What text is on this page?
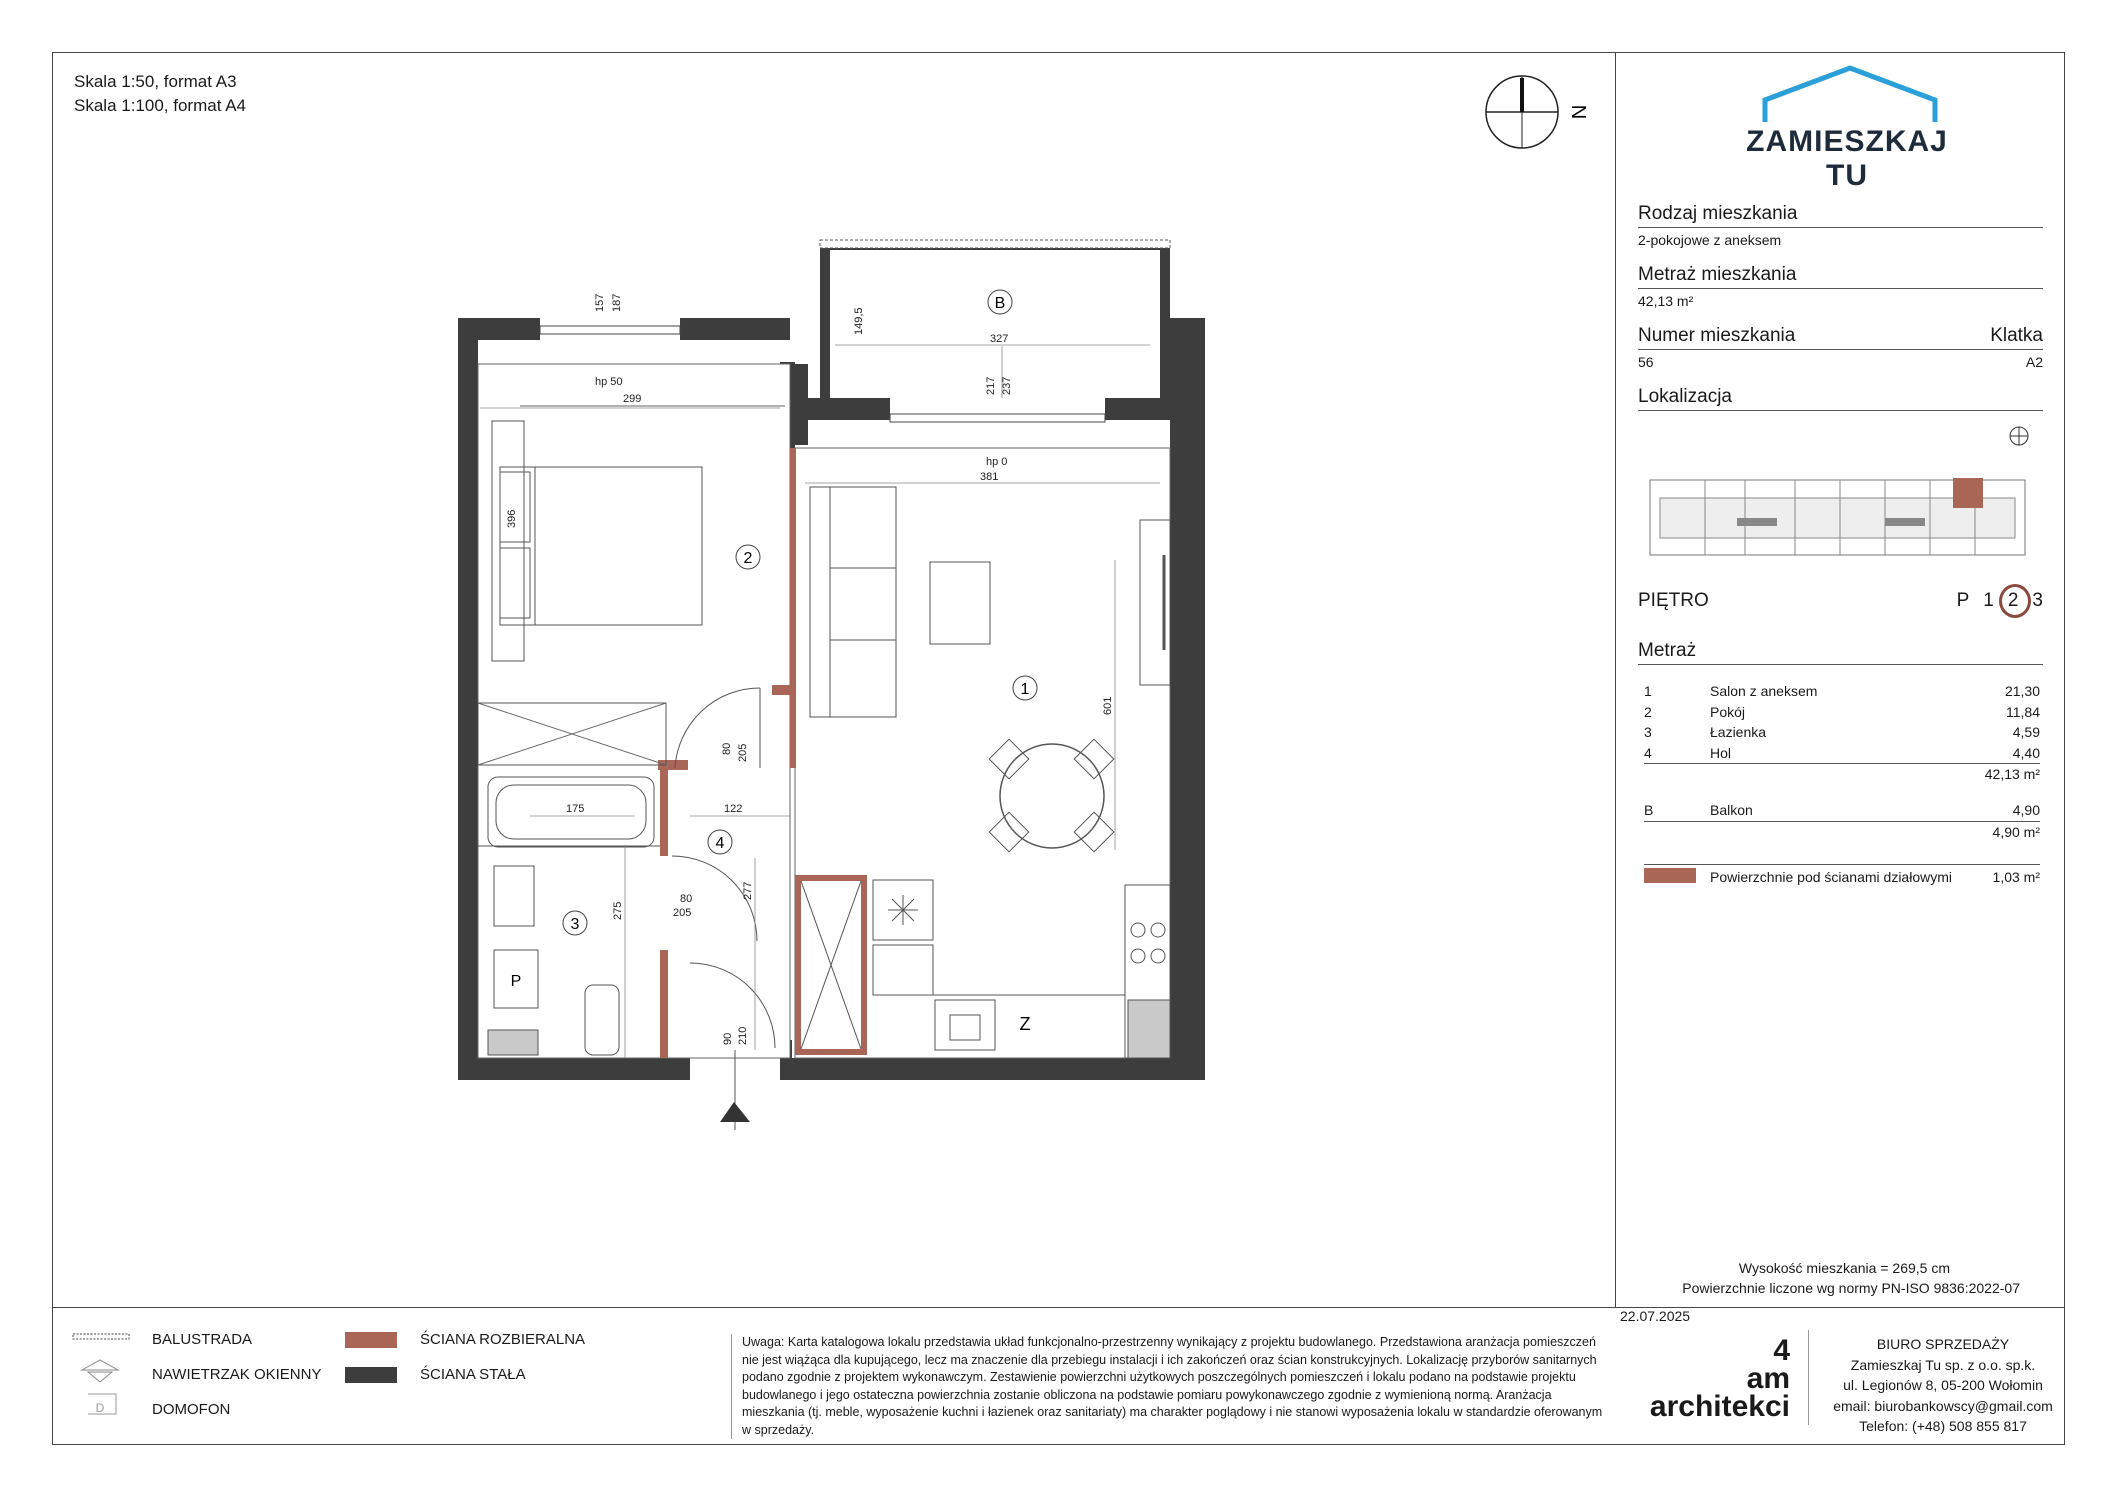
Skala 1:50, format A3
Skala 1:100, format A4	N
P
Z
1
2
3
4
B
157 187
hp 50
299
149,5
327
217 237
hp 0
381
396
601
80 205
175	122
80
205
275
277
90 210
ZAMIESZKAJ TU
Rodzaj mieszkania
2-pokojowe z aneksem
Metraż mieszkania
42,13 m²
Numer mieszkania	Klatka
56	A2
Lokalizacja
PIĘTRO	P 1 2 3
Metraż
1	Salon z aneksem	21,30
2	Pokój	11,84
3	Łazienka	4,59
4	Hol	4,40
42,13 m²
B	Balkon	4,90
4,90 m²
Powierzchnie pod ścianami działowymi	1,03 m²
Wysokość mieszkania = 269,5 cm
Powierzchnie liczone wg normy PN-ISO 9836:2022-07
BALUSTRADA
NAWIETRZAK OKIENNY
D	DOMOFON
ŚCIANA ROZBIERALNA
ŚCIANA STAŁA
Uwaga: Karta katalogowa lokalu przedstawia układ funkcjonalno-przestrzenny wynikający z projektu budowlanego. Przedstawiona aranżacja pomieszczeń nie jest wiążąca dla kupującego, lecz ma znaczenie dla przebiegu instalacji i ich zakończeń oraz ścian konstrukcyjnych. Lokalizację przyborów sanitarnych podano zgodnie z projektem wykonawczym. Zestawienie powierzchni użytkowych poszczególnych pomieszczeń i lokalu podano na podstawie projektu budowlanego i jego ostateczna powierzchnia zostanie obliczona na podstawie pomiaru powykonawczego zgodnie z wymienioną normą. Aranżacja mieszkania (tj. meble, wyposażenie kuchni i łazienek oraz sanitariaty) ma charakter poglądowy i nie stanowi wyposażenia lokalu w standardzie oferowanym w sprzedaży.
22.07.2025
4
am
architekci
BIURO SPRZEDAŻY
Zamieszkaj Tu sp. z o.o. sp.k.
ul. Legionów 8, 05-200 Wołomin
email: biurobankowscy@gmail.com
Telefon: (+48) 508 855 817
